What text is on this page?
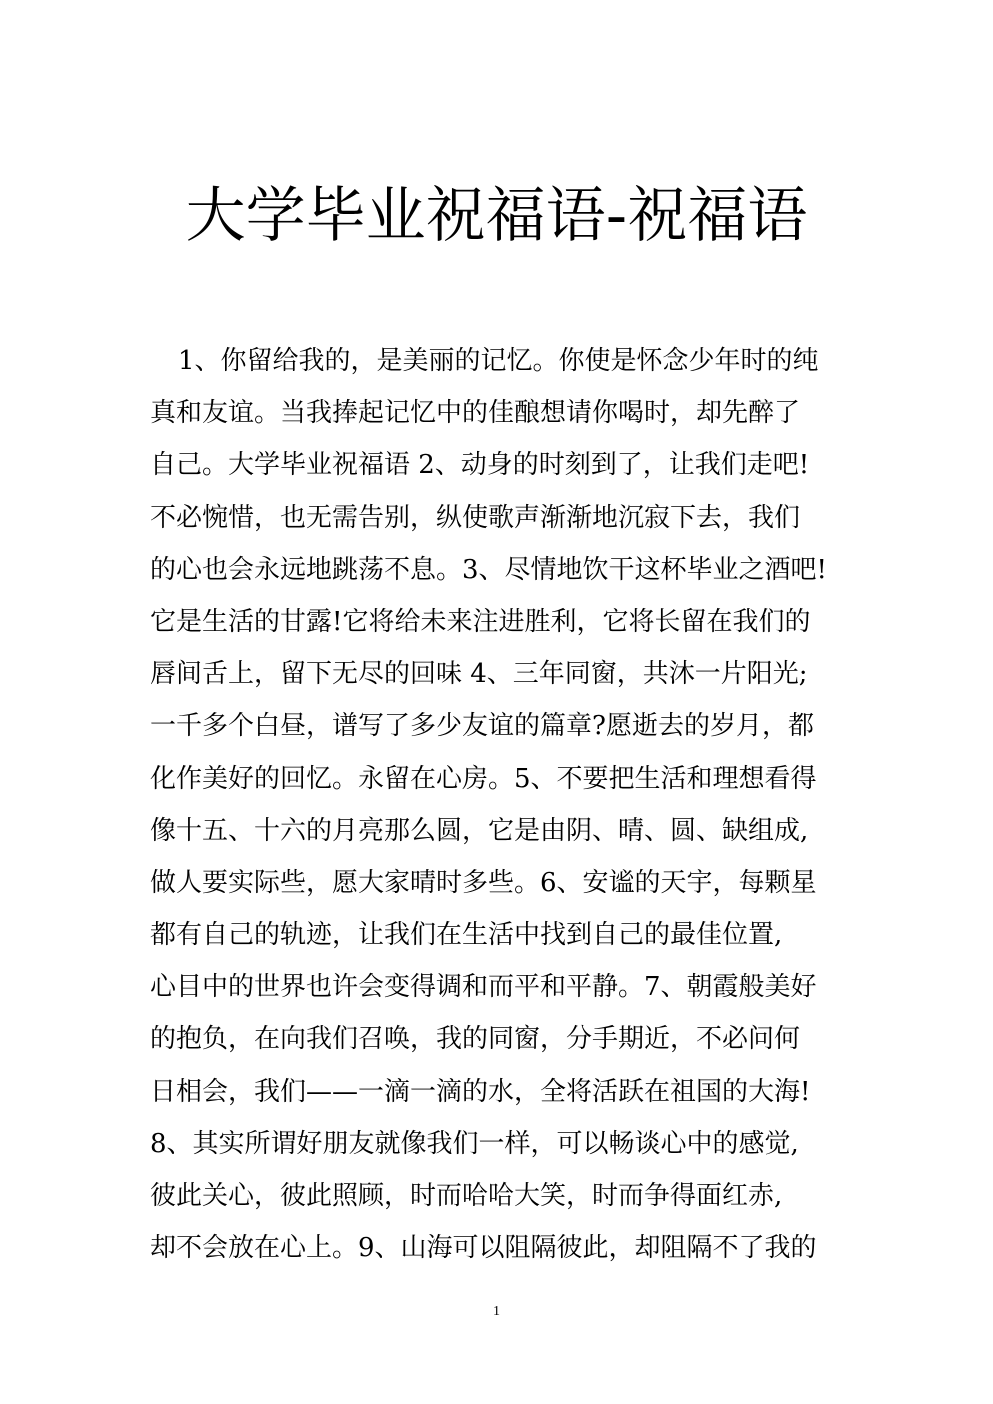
大学毕业祝福语-祝福语
1、你留给我的，是美丽的记忆。你使是怀念少年时的纯
真和友谊。当我捧起记忆中的佳酿想请你喝时，却先醉了
自己。大学毕业祝福语 2、动身的时刻到了，让我们走吧!
不必惋惜，也无需告别，纵使歌声渐渐地沉寂下去，我们
的心也会永远地跳荡不息。3、尽情地饮干这杯毕业之酒吧!
它是生活的甘露!它将给未来注进胜利，它将长留在我们的
唇间舌上，留下无尽的回味 4、三年同窗，共沐一片阳光;
一千多个白昼，谱写了多少友谊的篇章?愿逝去的岁月，都
化作美好的回忆。永留在心房。5、不要把生活和理想看得
像十五、十六的月亮那么圆，它是由阴、晴、圆、缺组成,
做人要实际些，愿大家晴时多些。6、安谧的天宇，每颗星
都有自己的轨迹，让我们在生活中找到自己的最佳位置,
心目中的世界也许会变得调和而平和平静。7、朝霞般美好
的抱负，在向我们召唤，我的同窗，分手期近，不必问何
日相会，我们——一滴一滴的水，全将活跃在祖国的大海!
8、其实所谓好朋友就像我们一样，可以畅谈心中的感觉,
彼此关心，彼此照顾，时而哈哈大笑，时而争得面红赤,
却不会放在心上。9、山海可以阻隔彼此，却阻隔不了我的
1
